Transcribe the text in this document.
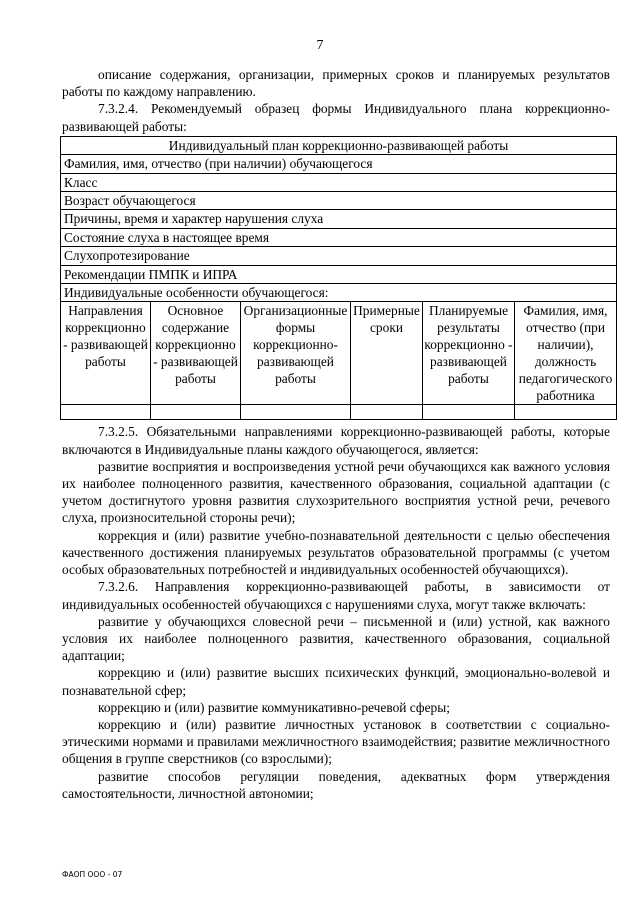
7

описание содержания, организации, примерных сроков и планируемых результатов работы по каждому направлению.

7.3.2.4. Рекомендуемый образец формы Индивидуального плана коррекционно-развивающей работы:

Индивидуальный план коррекционно-развивающей работы					
Фамилия, имя, отчество (при наличии) обучающегося					
Класс					
Возраст обучающегося					
Причины, время и характер нарушения слуха					
Состояние слуха в настоящее время					
Слухопротезирование					
Рекомендации ПМПК и ИПРА					
Индивидуальные особенности обучающегося:					
Направления коррекционно - развивающей работы	Основное содержание коррекционно - развивающей работы	Организационные формы коррекционно-развивающей работы	Примерные сроки	Планируемые результаты коррекционно - развивающей работы	Фамилия, имя, отчество (при наличии), должность педагогического работника

7.3.2.5. Обязательными направлениями коррекционно-развивающей работы, которые включаются в Индивидуальные планы каждого обучающегося, является:

развитие восприятия и воспроизведения устной речи обучающихся как важного условия их наиболее полноценного развития, качественного образования, социальной адаптации (с учетом достигнутого уровня развития слухозрительного восприятия устной речи, речевого слуха, произносительной стороны речи);

коррекция и (или) развитие учебно-познавательной деятельности с целью обеспечения качественного достижения планируемых результатов образовательной программы (с учетом особых образовательных потребностей и индивидуальных особенностей обучающихся).

7.3.2.6. Направления коррекционно-развивающей работы, в зависимости от индивидуальных особенностей обучающихся с нарушениями слуха, могут также включать:

развитие у обучающихся словесной речи – письменной и (или) устной, как важного условия их наиболее полноценного развития, качественного образования, социальной адаптации;

коррекцию и (или) развитие высших психических функций, эмоционально-волевой и познавательной сфер;

коррекцию и (или) развитие коммуникативно-речевой сферы;

коррекцию и (или) развитие личностных установок в соответствии с социально-этическими нормами и правилами межличностного взаимодействия; развитие межличностного общения в группе сверстников (со взрослыми);

развитие способов регуляции поведения, адекватных форм утверждения самостоятельности, личностной автономии;

ФАОП ООО - 07
